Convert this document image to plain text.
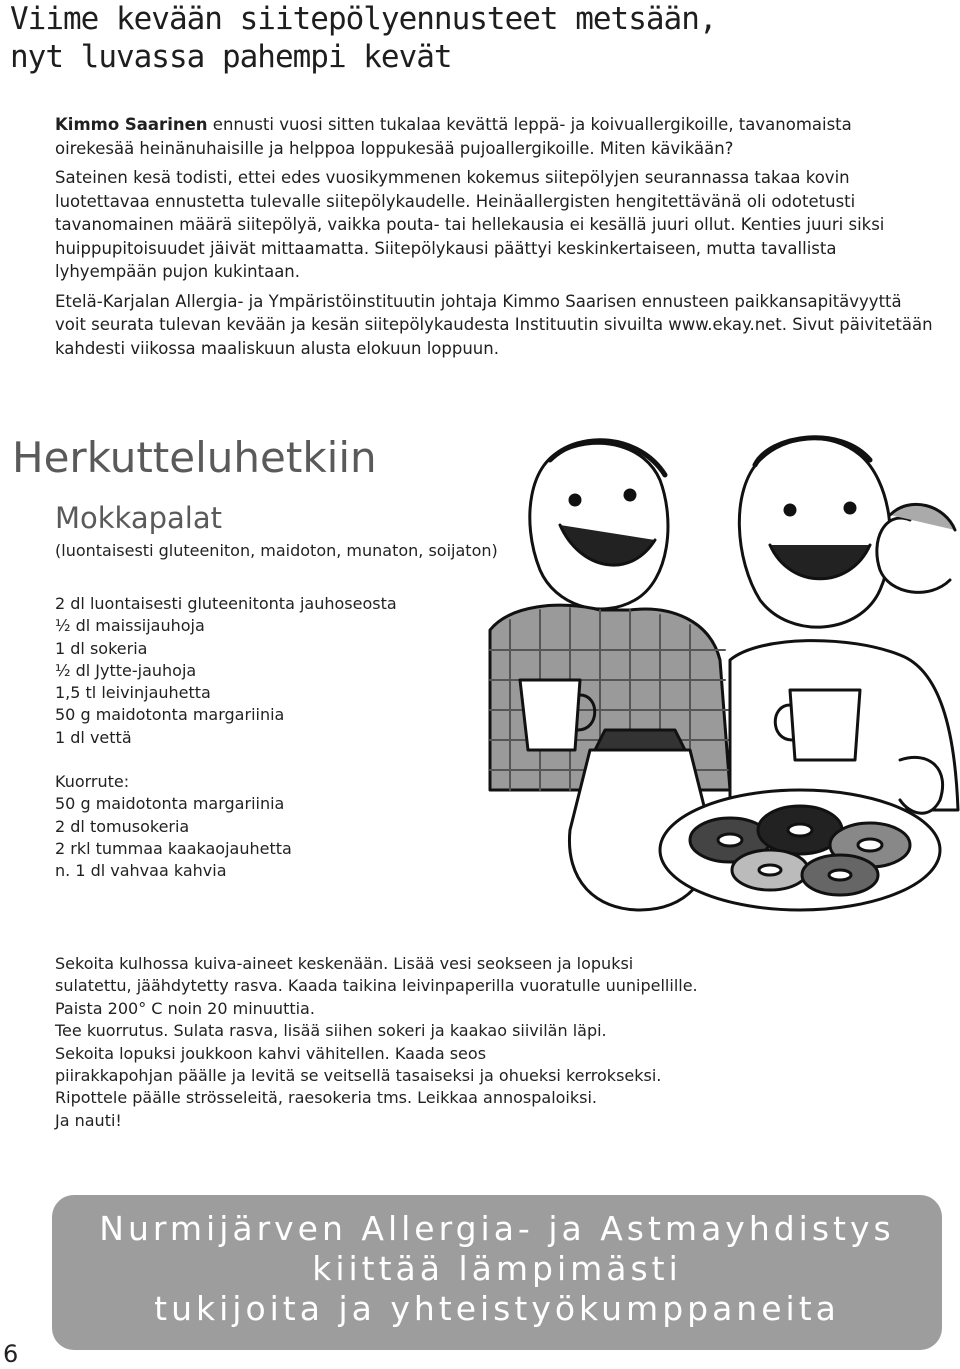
Viime kevään siitepölyennusteet metsään,
nyt luvassa pahempi kevät

Kimmo Saarinen ennusti vuosi sitten tukalaa kevättä leppä- ja koivuallergikoille, tavanomaista oirekesää heinänuhaisille ja helppoa loppukesää pujoallergikoille. Miten kävikään?

Sateinen kesä todisti, ettei edes vuosikymmenen kokemus siitepölyjen seurannassa takaa kovin luotettavaa ennustetta tulevalle siitepölykaudelle. Heinäallergisten hengitettävänä oli odotetusti tavanomainen määrä siitepölyä, vaikka pouta- tai hellekausia ei kesällä juuri ollut. Kenties juuri siksi huippupitoisuudet jäivät mittaamatta. Siitepölykausi päättyi keskinkertaiseen, mutta tavallista lyhyempään pujon kukintaan.

Etelä-Karjalan Allergia- ja Ympäristöinstituutin johtaja Kimmo Saarisen ennusteen paikkansapitävyyttä voit seurata tulevan kevään ja kesän siitepölykaudesta Instituutin sivuilta www.ekay.net. Sivut päivitetään kahdesti viikossa maaliskuun alusta elokuun loppuun.

Herkutteluhetkiin
Mokkapalat
(luontaisesti gluteeniton, maidoton, munaton, soijaton)
2 dl luontaisesti gluteenitonta jauhoseosta
½ dl maissijauhoja
1 dl sokeria
½ dl Jytte-jauhoja
1,5 tl leivinjauhetta
50 g maidotonta margariinia
1 dl vettä
Kuorrute:
50 g maidotonta margariinia
2 dl tomusokeria
2 rkl tummaa kaakaojauhetta
n. 1 dl vahvaa kahvia
Sekoita kulhossa kuiva-aineet keskenään. Lisää vesi seokseen ja lopuksi
sulatettu, jäähdytetty rasva. Kaada taikina leivinpaperilla vuoratulle uunipellille.
Paista 200° C noin 20 minuuttia.
Tee kuorrutus. Sulata rasva, lisää siihen sokeri ja kaakao siivilän läpi.
Sekoita lopuksi joukkoon kahvi vähitellen. Kaada seos
piirakkapohjan päälle ja levitä se veitsellä tasaiseksi ja ohueksi kerrokseksi.
Ripottele päälle strösseleitä, raesokeria tms. Leikkaa annospaloiksi.
Ja nauti!
Nurmijärven Allergia- ja Astmayhdistys
kiittää lämpimästi
tukijoita ja yhteistyökumppaneita
6
